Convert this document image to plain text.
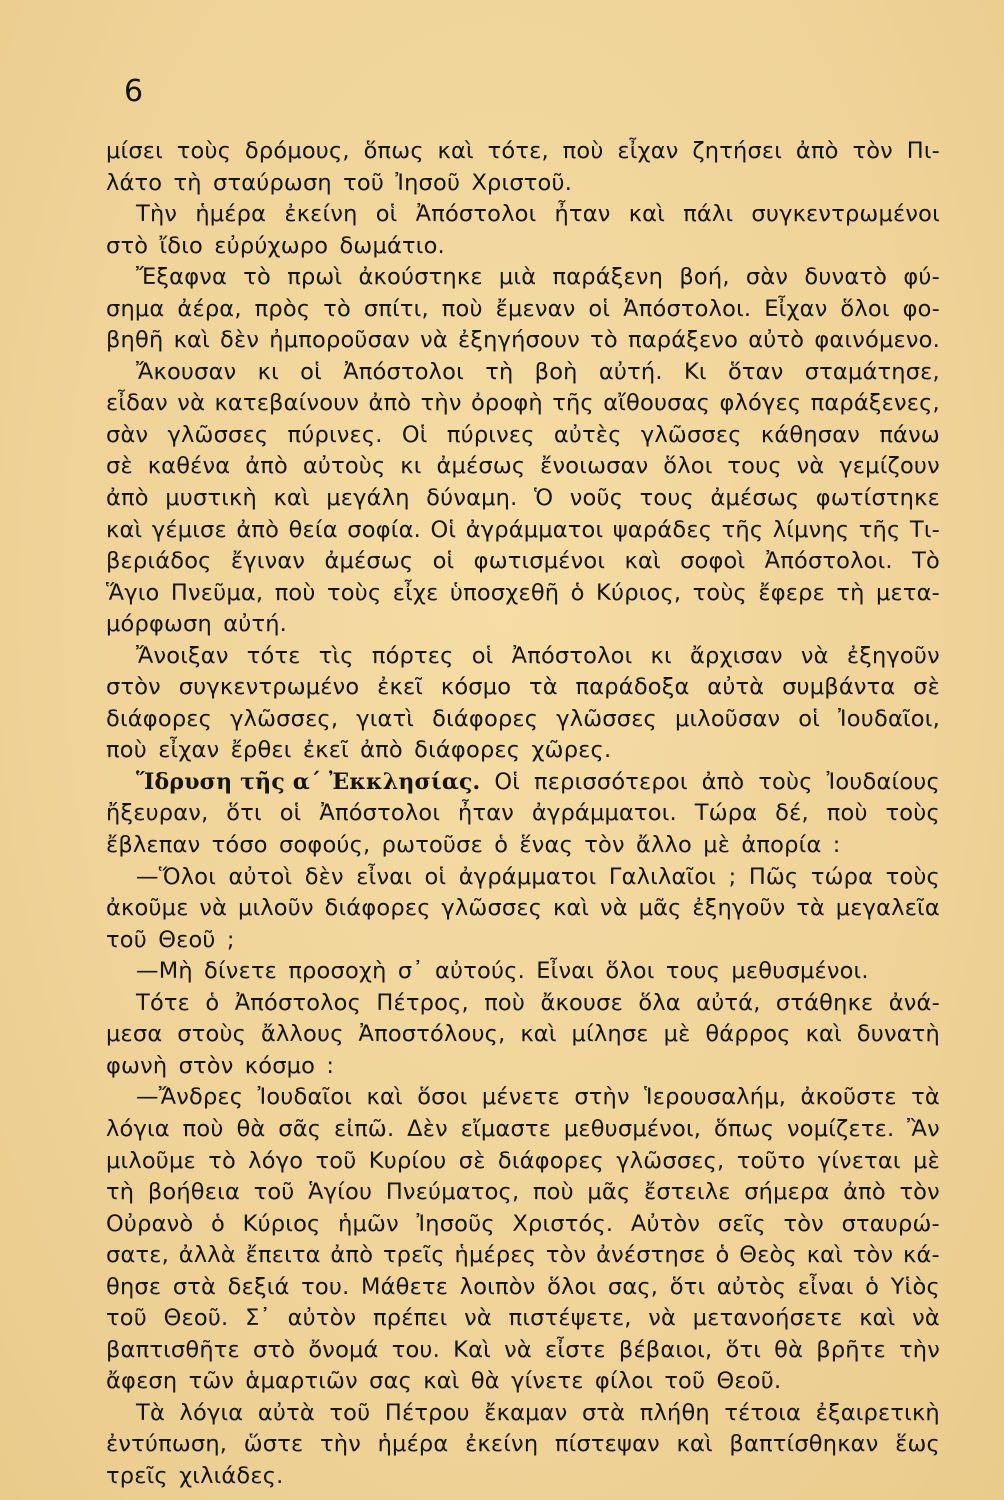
6
μίσει τοὺς δρόμους, ὅπως καὶ τότε, ποὺ εἶχαν ζητήσει ἀπὸ τὸν Πι-
λάτο τὴ σταύρωση τοῦ Ἰησοῦ Χριστοῦ.
Τὴν ἡμέρα ἐκείνη οἱ Ἀπόστολοι ἦταν καὶ πάλι συγκεντρωμένοι
στὸ ἴδιο εὐρύχωρο δωμάτιο.
Ἔξαφνα τὸ πρωὶ ἀκούστηκε μιὰ παράξενη βοή, σὰν δυνατὸ φύ-
σημα ἀέρα, πρὸς τὸ σπίτι, ποὺ ἔμεναν οἱ Ἀπόστολοι. Εἶχαν ὅλοι φο-
βηθῆ καὶ δὲν ἠμποροῦσαν νὰ ἐξηγήσουν τὸ παράξενο αὐτὸ φαινόμενο.
Ἄκουσαν κι οἱ Ἀπόστολοι τὴ βοὴ αὐτή. Κι ὅταν σταμάτησε,
εἶδαν νὰ κατεβαίνουν ἀπὸ τὴν ὀροφὴ τῆς αἴθουσας φλόγες παράξενες,
σὰν γλῶσσες πύρινες. Οἱ πύρινες αὐτὲς γλῶσσες κάθησαν πάνω
σὲ καθένα ἀπὸ αὐτοὺς κι ἀμέσως ἔνοιωσαν ὅλοι τους νὰ γεμίζουν
ἀπὸ μυστικὴ καὶ μεγάλη δύναμη. Ὁ νοῦς τους ἀμέσως φωτίστηκε
καὶ γέμισε ἀπὸ θεία σοφία. Οἱ ἀγράμματοι ψαράδες τῆς λίμνης τῆς Τι-
βεριάδος ἔγιναν ἀμέσως οἱ φωτισμένοι καὶ σοφοὶ Ἀπόστολοι. Τὸ
Ἅγιο Πνεῦμα, ποὺ τοὺς εἶχε ὑποσχεθῆ ὁ Κύριος, τοὺς ἔφερε τὴ μετα-
μόρφωση αὐτή.
Ἄνοιξαν τότε τὶς πόρτες οἱ Ἀπόστολοι κι ἄρχισαν νὰ ἐξηγοῦν
στὸν συγκεντρωμένο ἐκεῖ κόσμο τὰ παράδοξα αὐτὰ συμβάντα σὲ
διάφορες γλῶσσες, γιατὶ διάφορες γλῶσσες μιλοῦσαν οἱ Ἰουδαῖοι,
ποὺ εἶχαν ἔρθει ἐκεῖ ἀπὸ διάφορες χῶρες.
Ἵδρυση τῆς α΄ Ἐκκλησίας. Οἱ περισσότεροι ἀπὸ τοὺς Ἰουδαίους
ἤξευραν, ὅτι οἱ Ἀπόστολοι ἦταν ἀγράμματοι. Τώρα δέ, ποὺ τοὺς
ἔβλεπαν τόσο σοφούς, ρωτοῦσε ὁ ἕνας τὸν ἄλλο μὲ ἀπορία :
—Ὅλοι αὐτοὶ δὲν εἶναι οἱ ἀγράμματοι Γαλιλαῖοι ; Πῶς τώρα τοὺς
ἀκοῦμε νὰ μιλοῦν διάφορες γλῶσσες καὶ νὰ μᾶς ἐξηγοῦν τὰ μεγαλεῖα
τοῦ Θεοῦ ;
—Μὴ δίνετε προσοχὴ σ᾽ αὐτούς. Εἶναι ὅλοι τους μεθυσμένοι.
Τότε ὁ Ἀπόστολος Πέτρος, ποὺ ἄκουσε ὅλα αὐτά, στάθηκε ἀνά-
μεσα στοὺς ἄλλους Ἀποστόλους, καὶ μίλησε μὲ θάρρος καὶ δυνατὴ
φωνὴ στὸν κόσμο :
—Ἄνδρες Ἰουδαῖοι καὶ ὅσοι μένετε στὴν Ἱερουσαλήμ, ἀκοῦστε τὰ
λόγια ποὺ θὰ σᾶς εἰπῶ. Δὲν εἴμαστε μεθυσμένοι, ὅπως νομίζετε. Ἂν
μιλοῦμε τὸ λόγο τοῦ Κυρίου σὲ διάφορες γλῶσσες, τοῦτο γίνεται μὲ
τὴ βοήθεια τοῦ Ἁγίου Πνεύματος, ποὺ μᾶς ἔστειλε σήμερα ἀπὸ τὸν
Οὐρανὸ ὁ Κύριος ἡμῶν Ἰησοῦς Χριστός. Αὐτὸν σεῖς τὸν σταυρώ-
σατε, ἀλλὰ ἔπειτα ἀπὸ τρεῖς ἡμέρες τὸν ἀνέστησε ὁ Θεὸς καὶ τὸν κά-
θησε στὰ δεξιά του. Μάθετε λοιπὸν ὅλοι σας, ὅτι αὐτὸς εἶναι ὁ Υἱὸς
τοῦ Θεοῦ. Σ᾽ αὐτὸν πρέπει νὰ πιστέψετε, νὰ μετανοήσετε καὶ νὰ
βαπτισθῆτε στὸ ὄνομά του. Καὶ νὰ εἶστε βέβαιοι, ὅτι θὰ βρῆτε τὴν
ἄφεση τῶν ἁμαρτιῶν σας καὶ θὰ γίνετε φίλοι τοῦ Θεοῦ.
Τὰ λόγια αὐτὰ τοῦ Πέτρου ἔκαμαν στὰ πλήθη τέτοια ἐξαιρετικὴ
ἐντύπωση, ὥστε τὴν ἡμέρα ἐκείνη πίστεψαν καὶ βαπτίσθηκαν ἕως
τρεῖς χιλιάδες.
